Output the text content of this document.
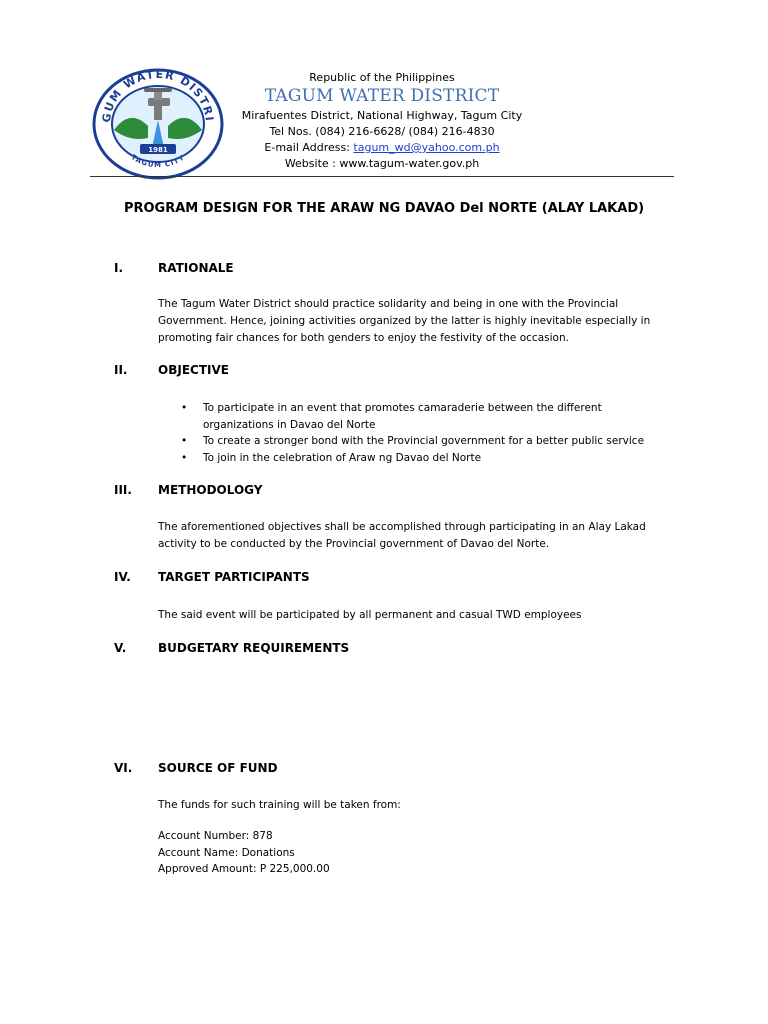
GUM WATER DISTRI
TAGUM CITY
1981
Republic of the Philippines
TAGUM WATER DISTRICT
Mirafuentes District, National Highway, Tagum City
Tel Nos. (084) 216-6628/ (084) 216-4830
E-mail Address: tagum_wd@yahoo.com.ph
Website : www.tagum-water.gov.ph
PROGRAM DESIGN FOR THE ARAW NG DAVAO Del NORTE (ALAY LAKAD)
I.	RATIONALE
The Tagum Water District should practice solidarity and being in one with the Provincial
Government. Hence, joining activities organized by the latter is highly inevitable especially in
promoting fair chances for both genders to enjoy the festivity of the occasion.
II.	OBJECTIVE
• To participate in an event that promotes camaraderie between the different
organizations in Davao del Norte
• To create a stronger bond with the Provincial government for a better public service
• To join in the celebration of Araw ng Davao del Norte
III. METHODOLOGY
The aforementioned objectives shall be accomplished through participating in an Alay Lakad
activity to be conducted by the Provincial government of Davao del Norte.
IV. TARGET PARTICIPANTS
The said event will be participated by all permanent and casual TWD employees
V.	BUDGETARY REQUIREMENTS
VI. SOURCE OF FUND
The funds for such training will be taken from:
Account Number: 878
Account Name: Donations
Approved Amount: P 225,000.00
